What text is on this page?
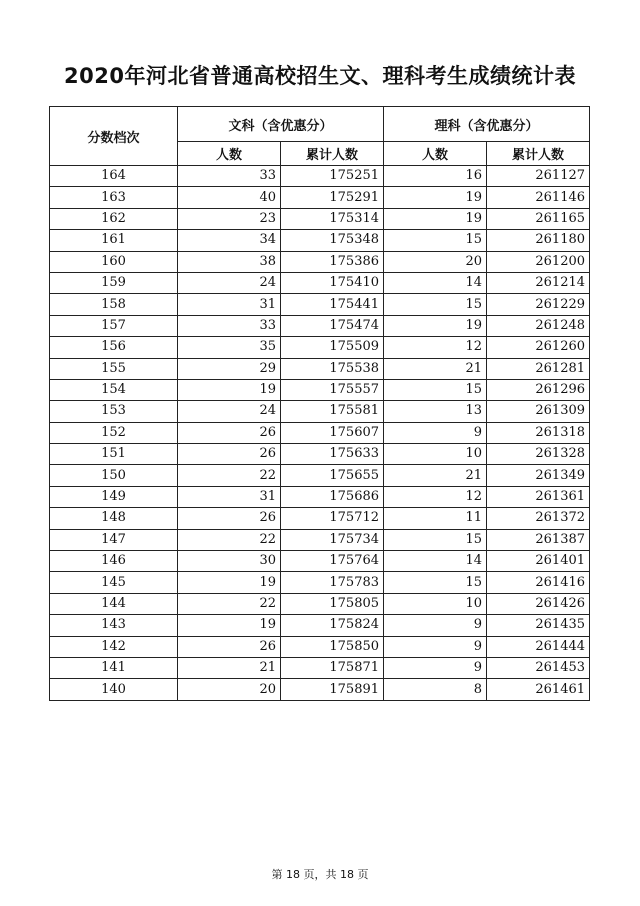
2020年河北省普通高校招生文、理科考生成绩统计表
分数档次	文科（含优惠分）		理科（含优惠分）	
	人数	累计人数	人数	累计人数
164	33	175251	16	261127
163	40	175291	19	261146
162	23	175314	19	261165
161	34	175348	15	261180
160	38	175386	20	261200
159	24	175410	14	261214
158	31	175441	15	261229
157	33	175474	19	261248
156	35	175509	12	261260
155	29	175538	21	261281
154	19	175557	15	261296
153	24	175581	13	261309
152	26	175607	9	261318
151	26	175633	10	261328
150	22	175655	21	261349
149	31	175686	12	261361
148	26	175712	11	261372
147	22	175734	15	261387
146	30	175764	14	261401
145	19	175783	15	261416
144	22	175805	10	261426
143	19	175824	9	261435
142	26	175850	9	261444
141	21	175871	9	261453
140	20	175891	8	261461
第 18 页，共 18 页
